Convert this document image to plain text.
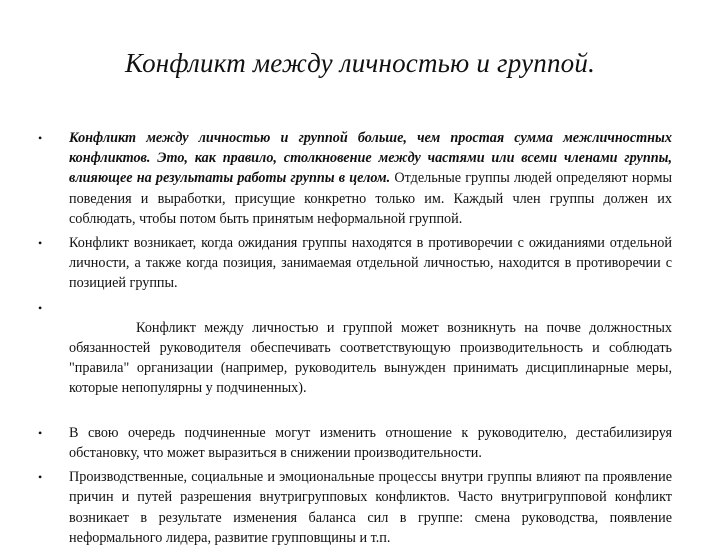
Конфликт между личностью и группой.
• Конфликт между личностью и группой больше, чем простая сумма межличностных конфликтов. Это, как правило, столкновение между частями или всеми членами группы, влияющее на результаты работы группы в целом. Отдельные группы людей определяют нормы поведения и выработки, присущие конкретно только им. Каждый член группы должен их соблюдать, чтобы потом быть принятым неформальной группой.
• Конфликт возникает, когда ожидания группы находятся в противоречии с ожиданиями отдельной личности, а также когда позиция, занимаемая отдельной личностью, находится в противоречии с позицией группы.

•
Конфликт между личностью и группой может возникнуть на почве должностных обязанностей руководителя обеспечивать соответствующую производительность и соблюдать "правила" организации (например, руководитель вынужден принимать дисциплинарные меры, которые непопулярны у подчиненных).

• В свою очередь подчиненные могут изменить отношение к руководителю, дестабилизируя обстановку, что может выразиться в снижении производительности.
• Производственные, социальные и эмоциональные процессы внутри группы влияют па проявление причин и путей разрешения внутригрупповых конфликтов. Часто внутригрупповой конфликт возникает в результате изменения баланса сил в группе: смена руководства, появление неформального лидера, развитие групповщины и т.п.
